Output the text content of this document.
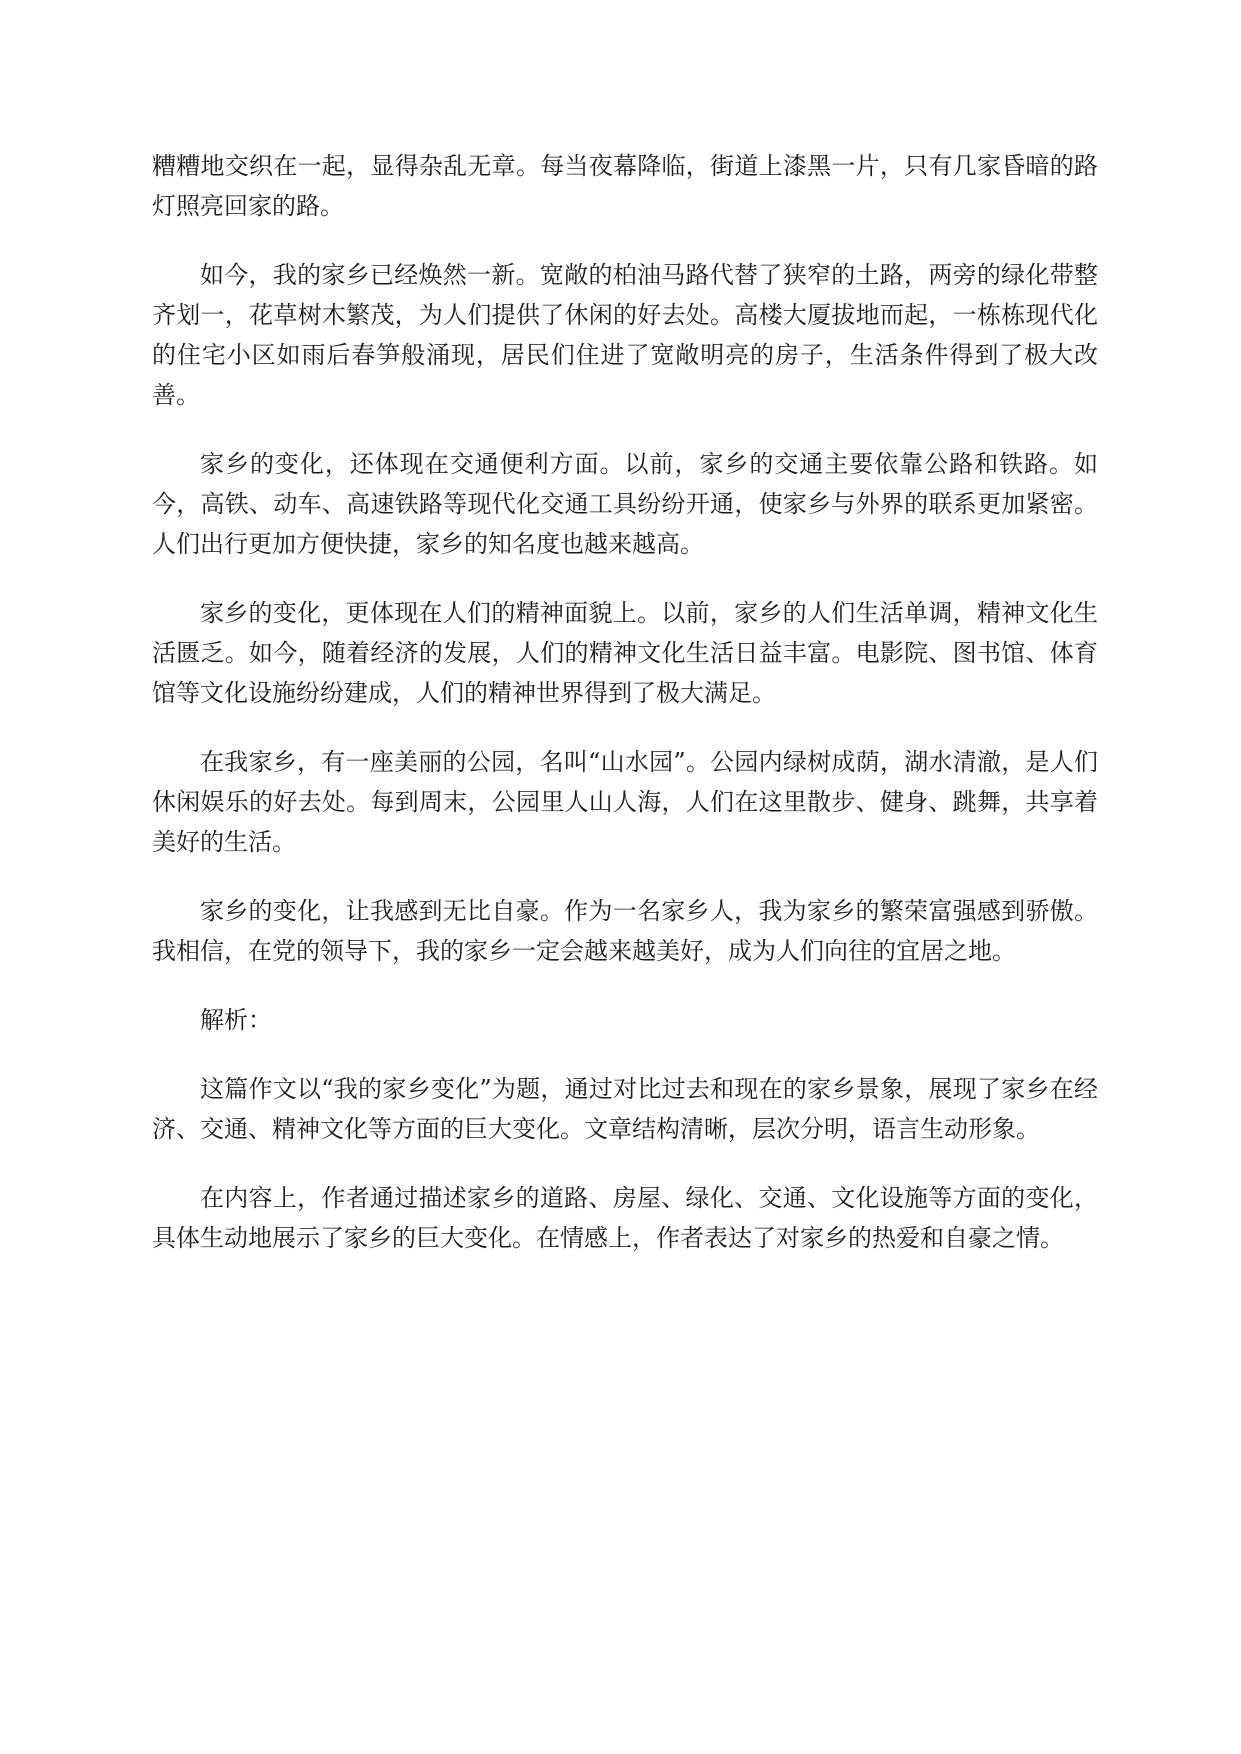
糟糟地交织在一起，显得杂乱无章。每当夜幕降临，街道上漆黑一片，只有几家昏暗的路灯照亮回家的路。

如今，我的家乡已经焕然一新。宽敞的柏油马路代替了狭窄的土路，两旁的绿化带整齐划一，花草树木繁茂，为人们提供了休闲的好去处。高楼大厦拔地而起，一栋栋现代化的住宅小区如雨后春笋般涌现，居民们住进了宽敞明亮的房子，生活条件得到了极大改善。

家乡的变化，还体现在交通便利方面。以前，家乡的交通主要依靠公路和铁路。如今，高铁、动车、高速铁路等现代化交通工具纷纷开通，使家乡与外界的联系更加紧密。人们出行更加方便快捷，家乡的知名度也越来越高。

家乡的变化，更体现在人们的精神面貌上。以前，家乡的人们生活单调，精神文化生活匮乏。如今，随着经济的发展，人们的精神文化生活日益丰富。电影院、图书馆、体育馆等文化设施纷纷建成，人们的精神世界得到了极大满足。

在我家乡，有一座美丽的公园，名叫“山水园”。公园内绿树成荫，湖水清澈，是人们休闲娱乐的好去处。每到周末，公园里人山人海，人们在这里散步、健身、跳舞，共享着美好的生活。

家乡的变化，让我感到无比自豪。作为一名家乡人，我为家乡的繁荣富强感到骄傲。我相信，在党的领导下，我的家乡一定会越来越美好，成为人们向往的宜居之地。

解析：

这篇作文以“我的家乡变化”为题，通过对比过去和现在的家乡景象，展现了家乡在经济、交通、精神文化等方面的巨大变化。文章结构清晰，层次分明，语言生动形象。

在内容上，作者通过描述家乡的道路、房屋、绿化、交通、文化设施等方面的变化，具体生动地展示了家乡的巨大变化。在情感上，作者表达了对家乡的热爱和自豪之情。
